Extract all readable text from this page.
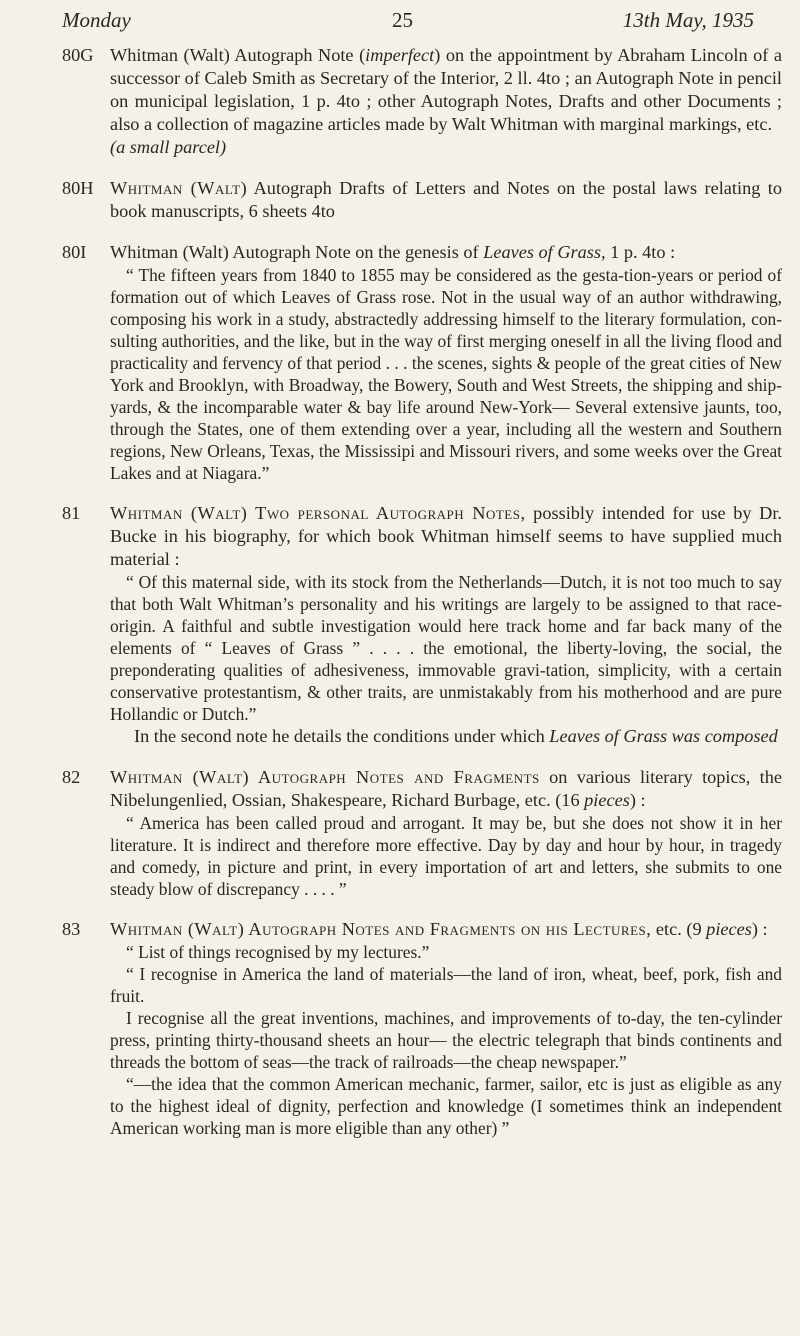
Monday	25	13th May, 1935
80G Whitman (Walt) Autograph Note (imperfect) on the appointment by Abraham Lincoln of a successor of Caleb Smith as Secretary of the Interior, 2 ll. 4to ; an Autograph Note in pencil on municipal legislation, 1 p. 4to ; other Autograph Notes, Drafts and other Documents ; also a collection of magazine articles made by Walt Whitman with marginal markings, etc.

(a small parcel)

80H Whitman (Walt) Autograph Drafts of Letters and Notes on the postal laws relating to book manuscripts, 6 sheets 4to

80I	Whitman (Walt) Autograph Note on the genesis of Leaves of Grass, 1 p. 4to :

“ The fifteen years from 1840 to 1855 may be considered as the gesta-tion-years or period of formation out of which Leaves of Grass rose. Not in the usual way of an author withdrawing, composing his work in a study, abstractedly addressing himself to the literary formulation, con-sulting authorities, and the like, but in the way of first merging oneself in all the living flood and practicality and fervency of that period . . . the scenes, sights & people of the great cities of New York and Brooklyn, with Broadway, the Bowery, South and West Streets, the shipping and ship-yards, & the incomparable water & bay life around New-York— Several extensive jaunts, too, through the States, one of them extending over a year, including all the western and Southern regions, New Orleans, Texas, the Mississipi and Missouri rivers, and some weeks over the Great Lakes and at Niagara.”

81	Whitman (Walt) Two personal Autograph Notes, possibly intended for use by Dr. Bucke in his biography, for which book Whitman himself seems to have supplied much material :

“ Of this maternal side, with its stock from the Netherlands—Dutch, it is not too much to say that both Walt Whitman’s personality and his writings are largely to be assigned to that race-origin. A faithful and subtle investigation would here track home and far back many of the elements of “ Leaves of Grass ” . . . . the emotional, the liberty-loving, the social, the preponderating qualities of adhesiveness, immovable gravi-tation, simplicity, with a certain conservative protestantism, & other traits, are unmistakably from his motherhood and are pure Hollandic or Dutch.”

In the second note he details the conditions under which Leaves of Grass was composed

82	Whitman (Walt) Autograph Notes and Fragments on various literary topics, the Nibelungenlied, Ossian, Shakespeare, Richard Burbage, etc. (16 pieces) :

“ America has been called proud and arrogant. It may be, but she does not show it in her literature. It is indirect and therefore more effective. Day by day and hour by hour, in tragedy and comedy, in picture and print, in every importation of art and letters, she submits to one steady blow of discrepancy . . . . ”

83	Whitman (Walt) Autograph Notes and Fragments on his Lectures, etc. (9 pieces) :

“ List of things recognised by my lectures.”

“ I recognise in America the land of materials—the land of iron, wheat, beef, pork, fish and fruit.

I recognise all the great inventions, machines, and improvements of to-day, the ten-cylinder press, printing thirty-thousand sheets an hour— the electric telegraph that binds continents and threads the bottom of seas—the track of railroads—the cheap newspaper.”

“—the idea that the common American mechanic, farmer, sailor, etc is just as eligible as any to the highest ideal of dignity, perfection and knowledge (I sometimes think an independent American working man is more eligible than any other) ”
